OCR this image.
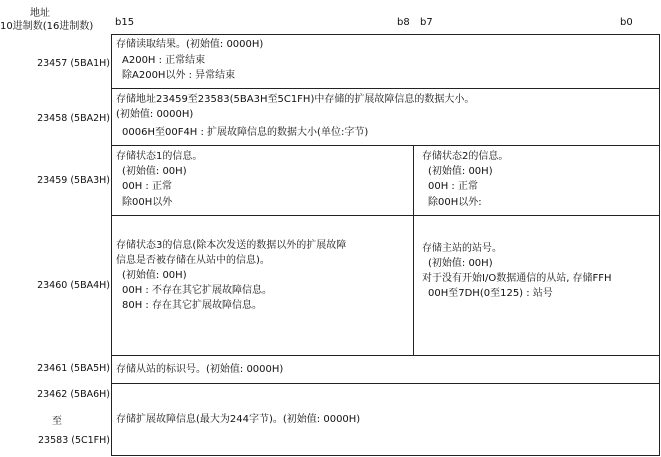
地址
10进制数(16进制数) b15	b8 b7	b0
23457 (5BA1H)
存储读取结果。(初始值: 0000H)
A200H : 正常结束
除A200H以外 : 异常结束
23458 (5BA2H)
存储地址23459至23583(5BA3H至5C1FH)中存储的扩展故障信息的数据大小。
(初始值: 0000H)
0006H至00F4H : 扩展故障信息的数据大小(单位:字节)
23459 (5BA3H)
存储状态1的信息。
(初始值: 00H)
00H : 正常
除00H以外
存储状态2的信息。
(初始值: 00H)
00H : 正常
除00H以外:
23460 (5BA4H)
存储状态3的信息(除本次发送的数据以外的扩展故障
信息是否被存储在从站中的信息)。
(初始值: 00H)
00H : 不存在其它扩展故障信息。
80H : 存在其它扩展故障信息。
存储主站的站号。
(初始值: 00H)
对于没有开始I/O数据通信的从站, 存储FFH
00H至7DH(0至125) : 站号
23461 (5BA5H) 存储从站的标识号。(初始值: 0000H)
23462 (5BA6H)
至
23583 (5C1FH)
存储扩展故障信息(最大为244字节)。(初始值: 0000H)
